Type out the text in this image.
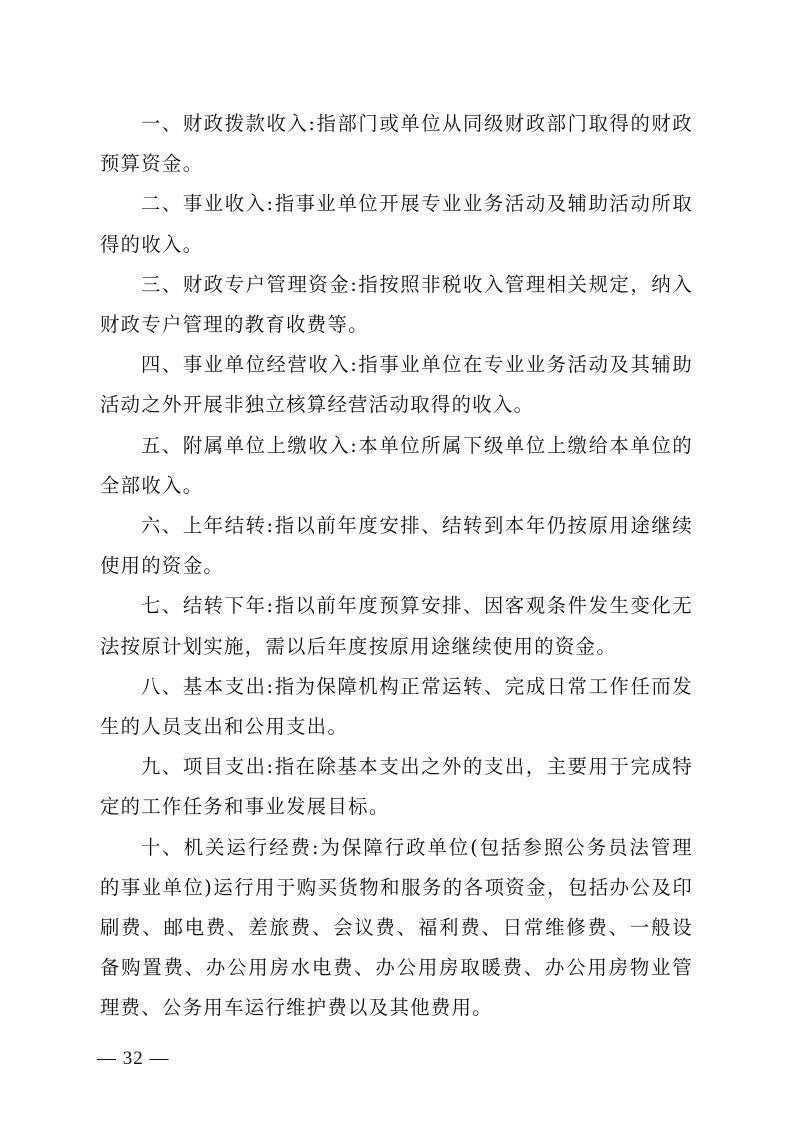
一、财政拨款收入:指部门或单位从同级财政部门取得的财政预算资金。

二、事业收入:指事业单位开展专业业务活动及辅助活动所取得的收入。

三、财政专户管理资金:指按照非税收入管理相关规定，纳入财政专户管理的教育收费等。

四、事业单位经营收入:指事业单位在专业业务活动及其辅助活动之外开展非独立核算经营活动取得的收入。

五、附属单位上缴收入:本单位所属下级单位上缴给本单位的全部收入。

六、上年结转:指以前年度安排、结转到本年仍按原用途继续使用的资金。

七、结转下年:指以前年度预算安排、因客观条件发生变化无法按原计划实施，需以后年度按原用途继续使用的资金。

八、基本支出:指为保障机构正常运转、完成日常工作任而发生的人员支出和公用支出。

九、项目支出:指在除基本支出之外的支出，主要用于完成特定的工作任务和事业发展目标。

十、机关运行经费:为保障行政单位(包括参照公务员法管理的事业单位)运行用于购买货物和服务的各项资金，包括办公及印刷费、邮电费、差旅费、会议费、福利费、日常维修费、一般设备购置费、办公用房水电费、办公用房取暖费、办公用房物业管理费、公务用车运行维护费以及其他费用。

— 32 —
